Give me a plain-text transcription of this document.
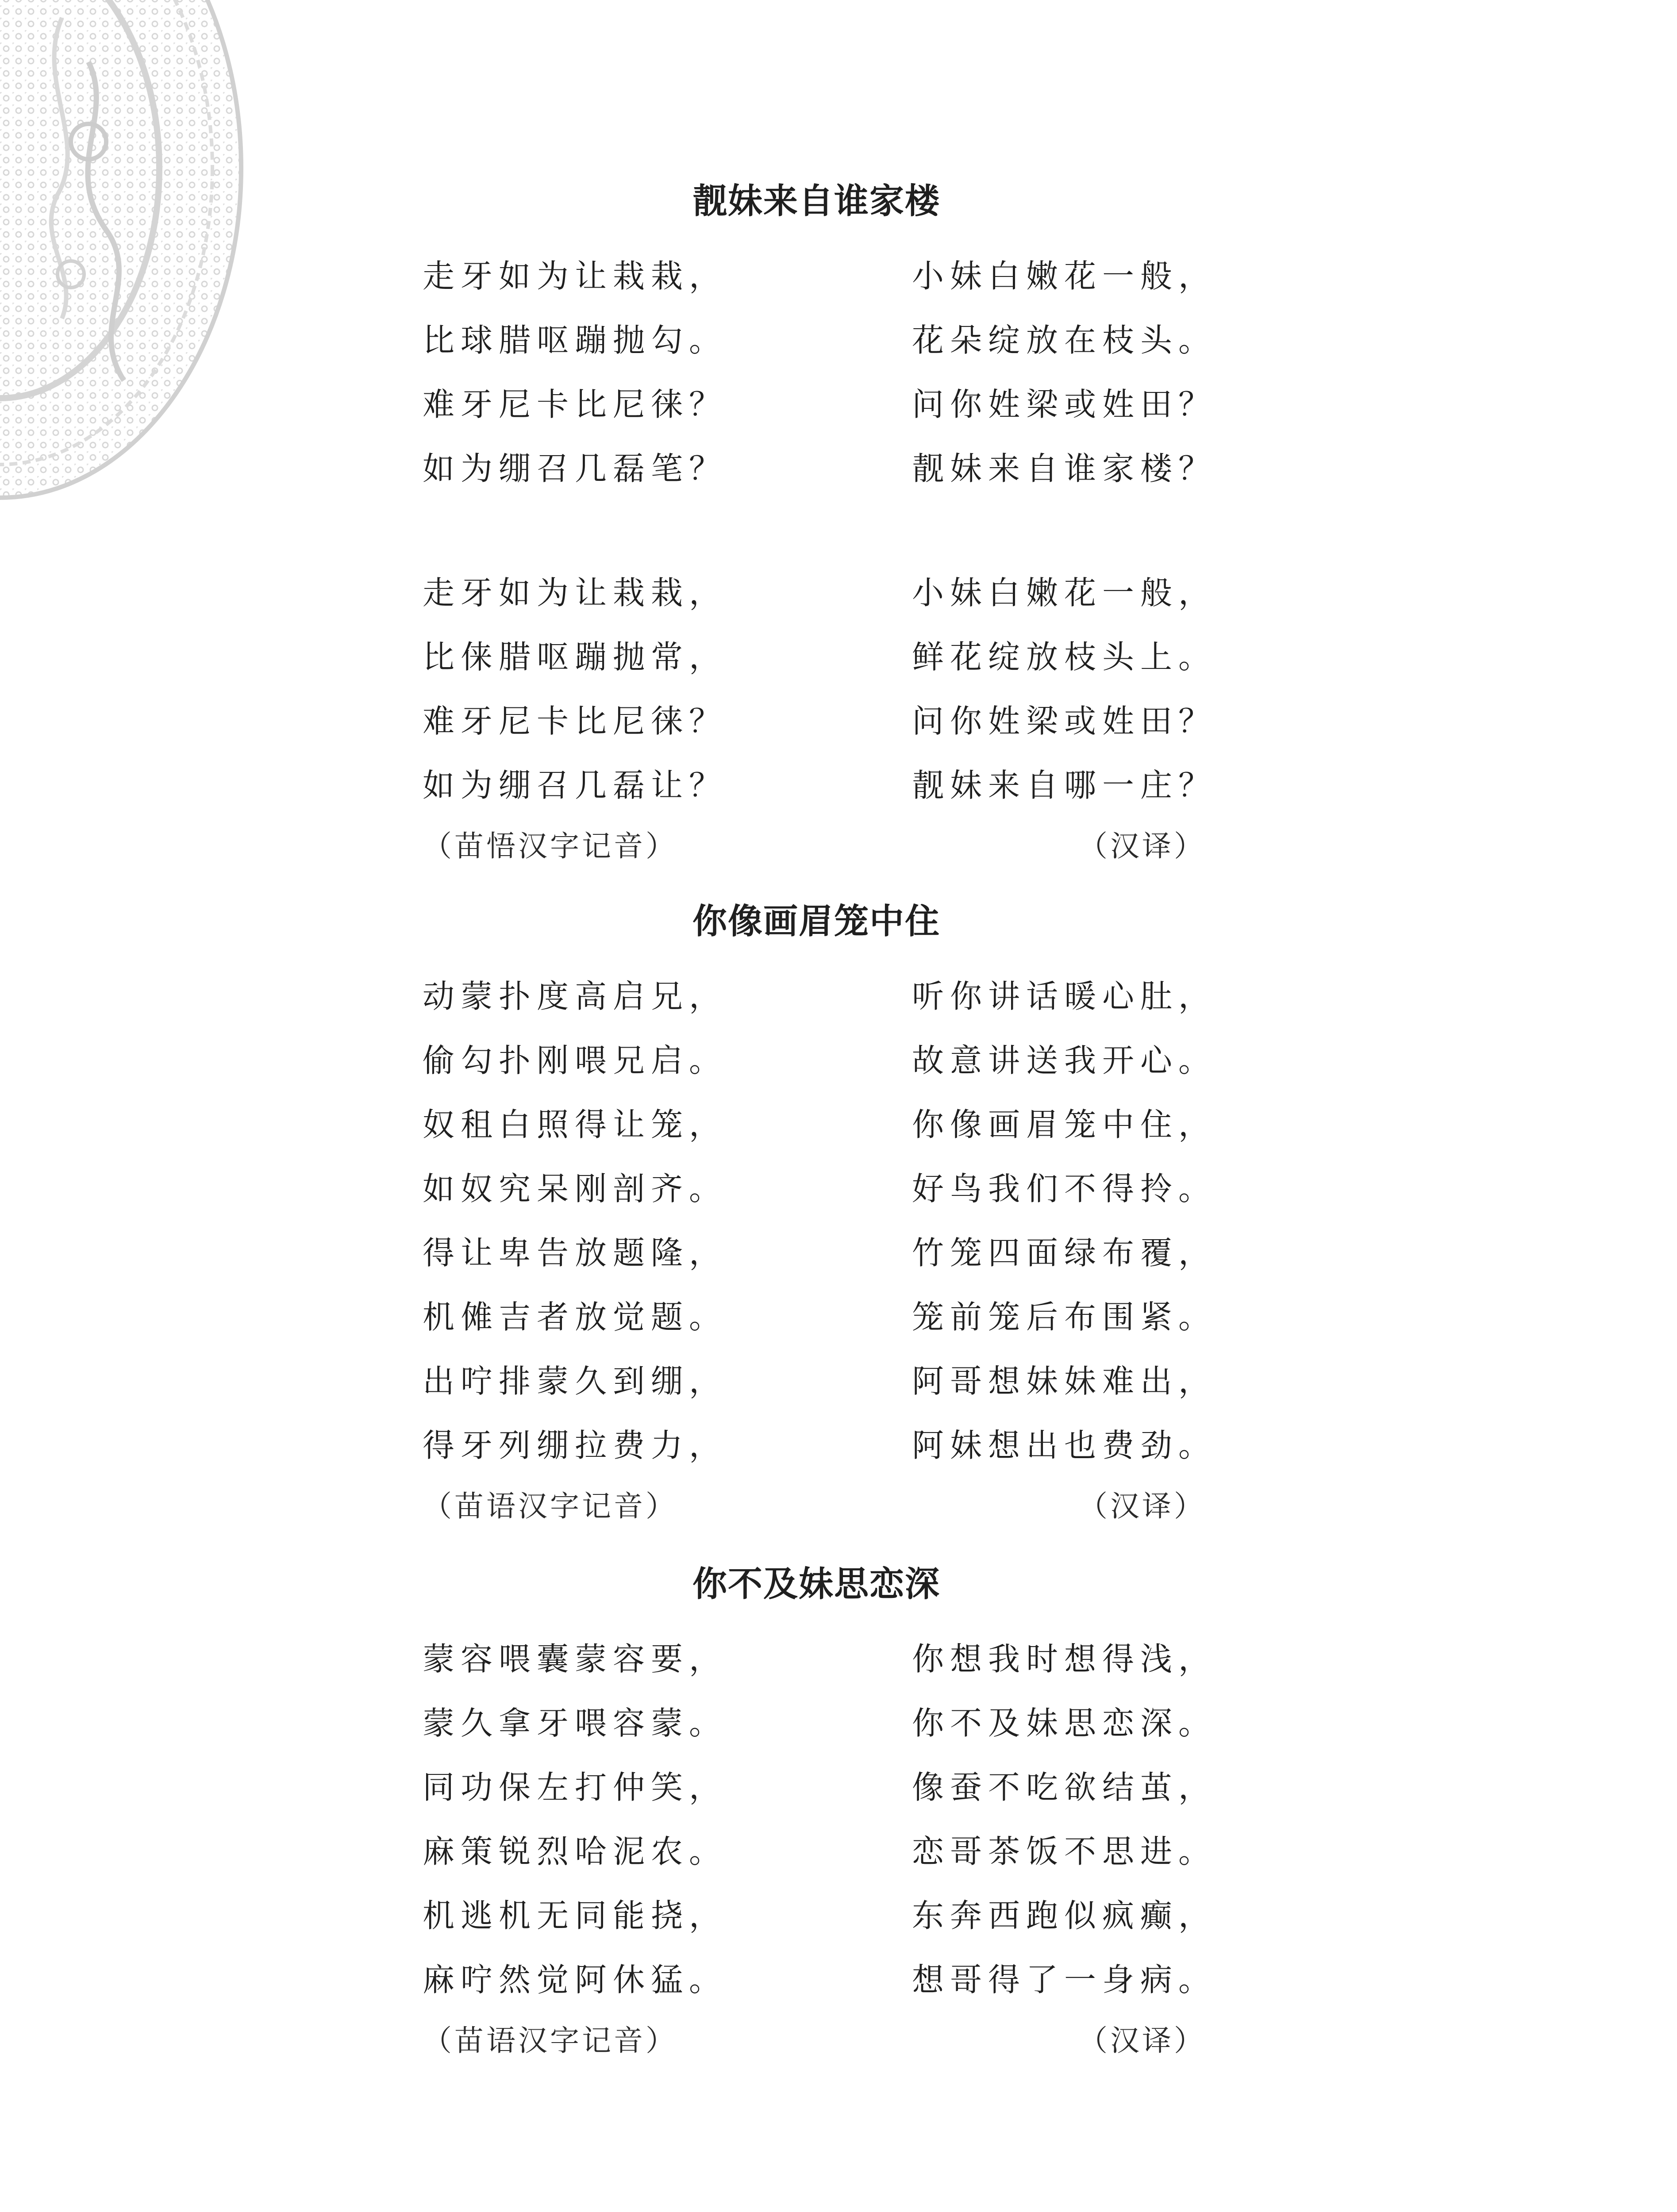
靓妹来自谁家楼
走牙如为让栽栽，	小妹白嫩花一般，
比球腊呕蹦抛勾。	花朵绽放在枝头。
难牙尼卡比尼徕？	问你姓梁或姓田？
如为绷召几磊笔？	靓妹来自谁家楼？
走牙如为让栽栽，	小妹白嫩花一般，
比俫腊呕蹦抛常，	鲜花绽放枝头上。
难牙尼卡比尼徕？	问你姓梁或姓田？
如为绷召几磊让？	靓妹来自哪一庄？
（苗悟汉字记音）	（汉译）
你像画眉笼中住
动蒙扑度高启兄，	听你讲话暖心肚，
偷勾扑刚喂兄启。	故意讲送我开心。
奴租白照得让笼，	你像画眉笼中住，
如奴究呆刚剖齐。	好鸟我们不得拎。
得让卑告放题隆，	竹笼四面绿布覆，
机傩吉者放觉题。	笼前笼后布围紧。
出咛排蒙久到绷，	阿哥想妹妹难出，
得牙列绷拉费力，	阿妹想出也费劲。
（苗语汉字记音）	（汉译）
你不及妹思恋深
蒙容喂囊蒙容要，	你想我时想得浅，
蒙久拿牙喂容蒙。	你不及妹思恋深。
同功保左打仲笑，	像蚕不吃欲结茧，
麻策锐烈哈泥农。	恋哥茶饭不思进。
机逃机无同能挠，	东奔西跑似疯癫，
麻咛然觉阿休猛。	想哥得了一身病。
（苗语汉字记音）	（汉译）
